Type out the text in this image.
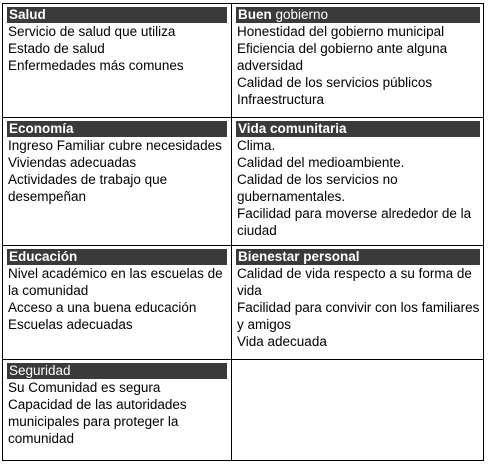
Salud
Servicio de salud que utiliza
Estado de salud
Enfermedades más comunes
Buen gobierno
Honestidad del gobierno municipal
Eficiencia del gobierno ante alguna adversidad
Calidad de los servicios públicos
Infraestructura
Economía
Ingreso Familiar cubre necesidades
Viviendas adecuadas
Actividades de trabajo que desempeñan
Vida comunitaria
Clima.
Calidad del medioambiente.
Calidad de los servicios no gubernamentales.
Facilidad para moverse alrededor de la ciudad
Educación
Nivel académico en las escuelas de la comunidad
Acceso a una buena educación
Escuelas adecuadas
Bienestar personal
Calidad de vida respecto a su forma de vida
Facilidad para convivir con los familiares y amigos
Vida adecuada
Seguridad
Su Comunidad es segura
Capacidad de las autoridades municipales para proteger la comunidad
